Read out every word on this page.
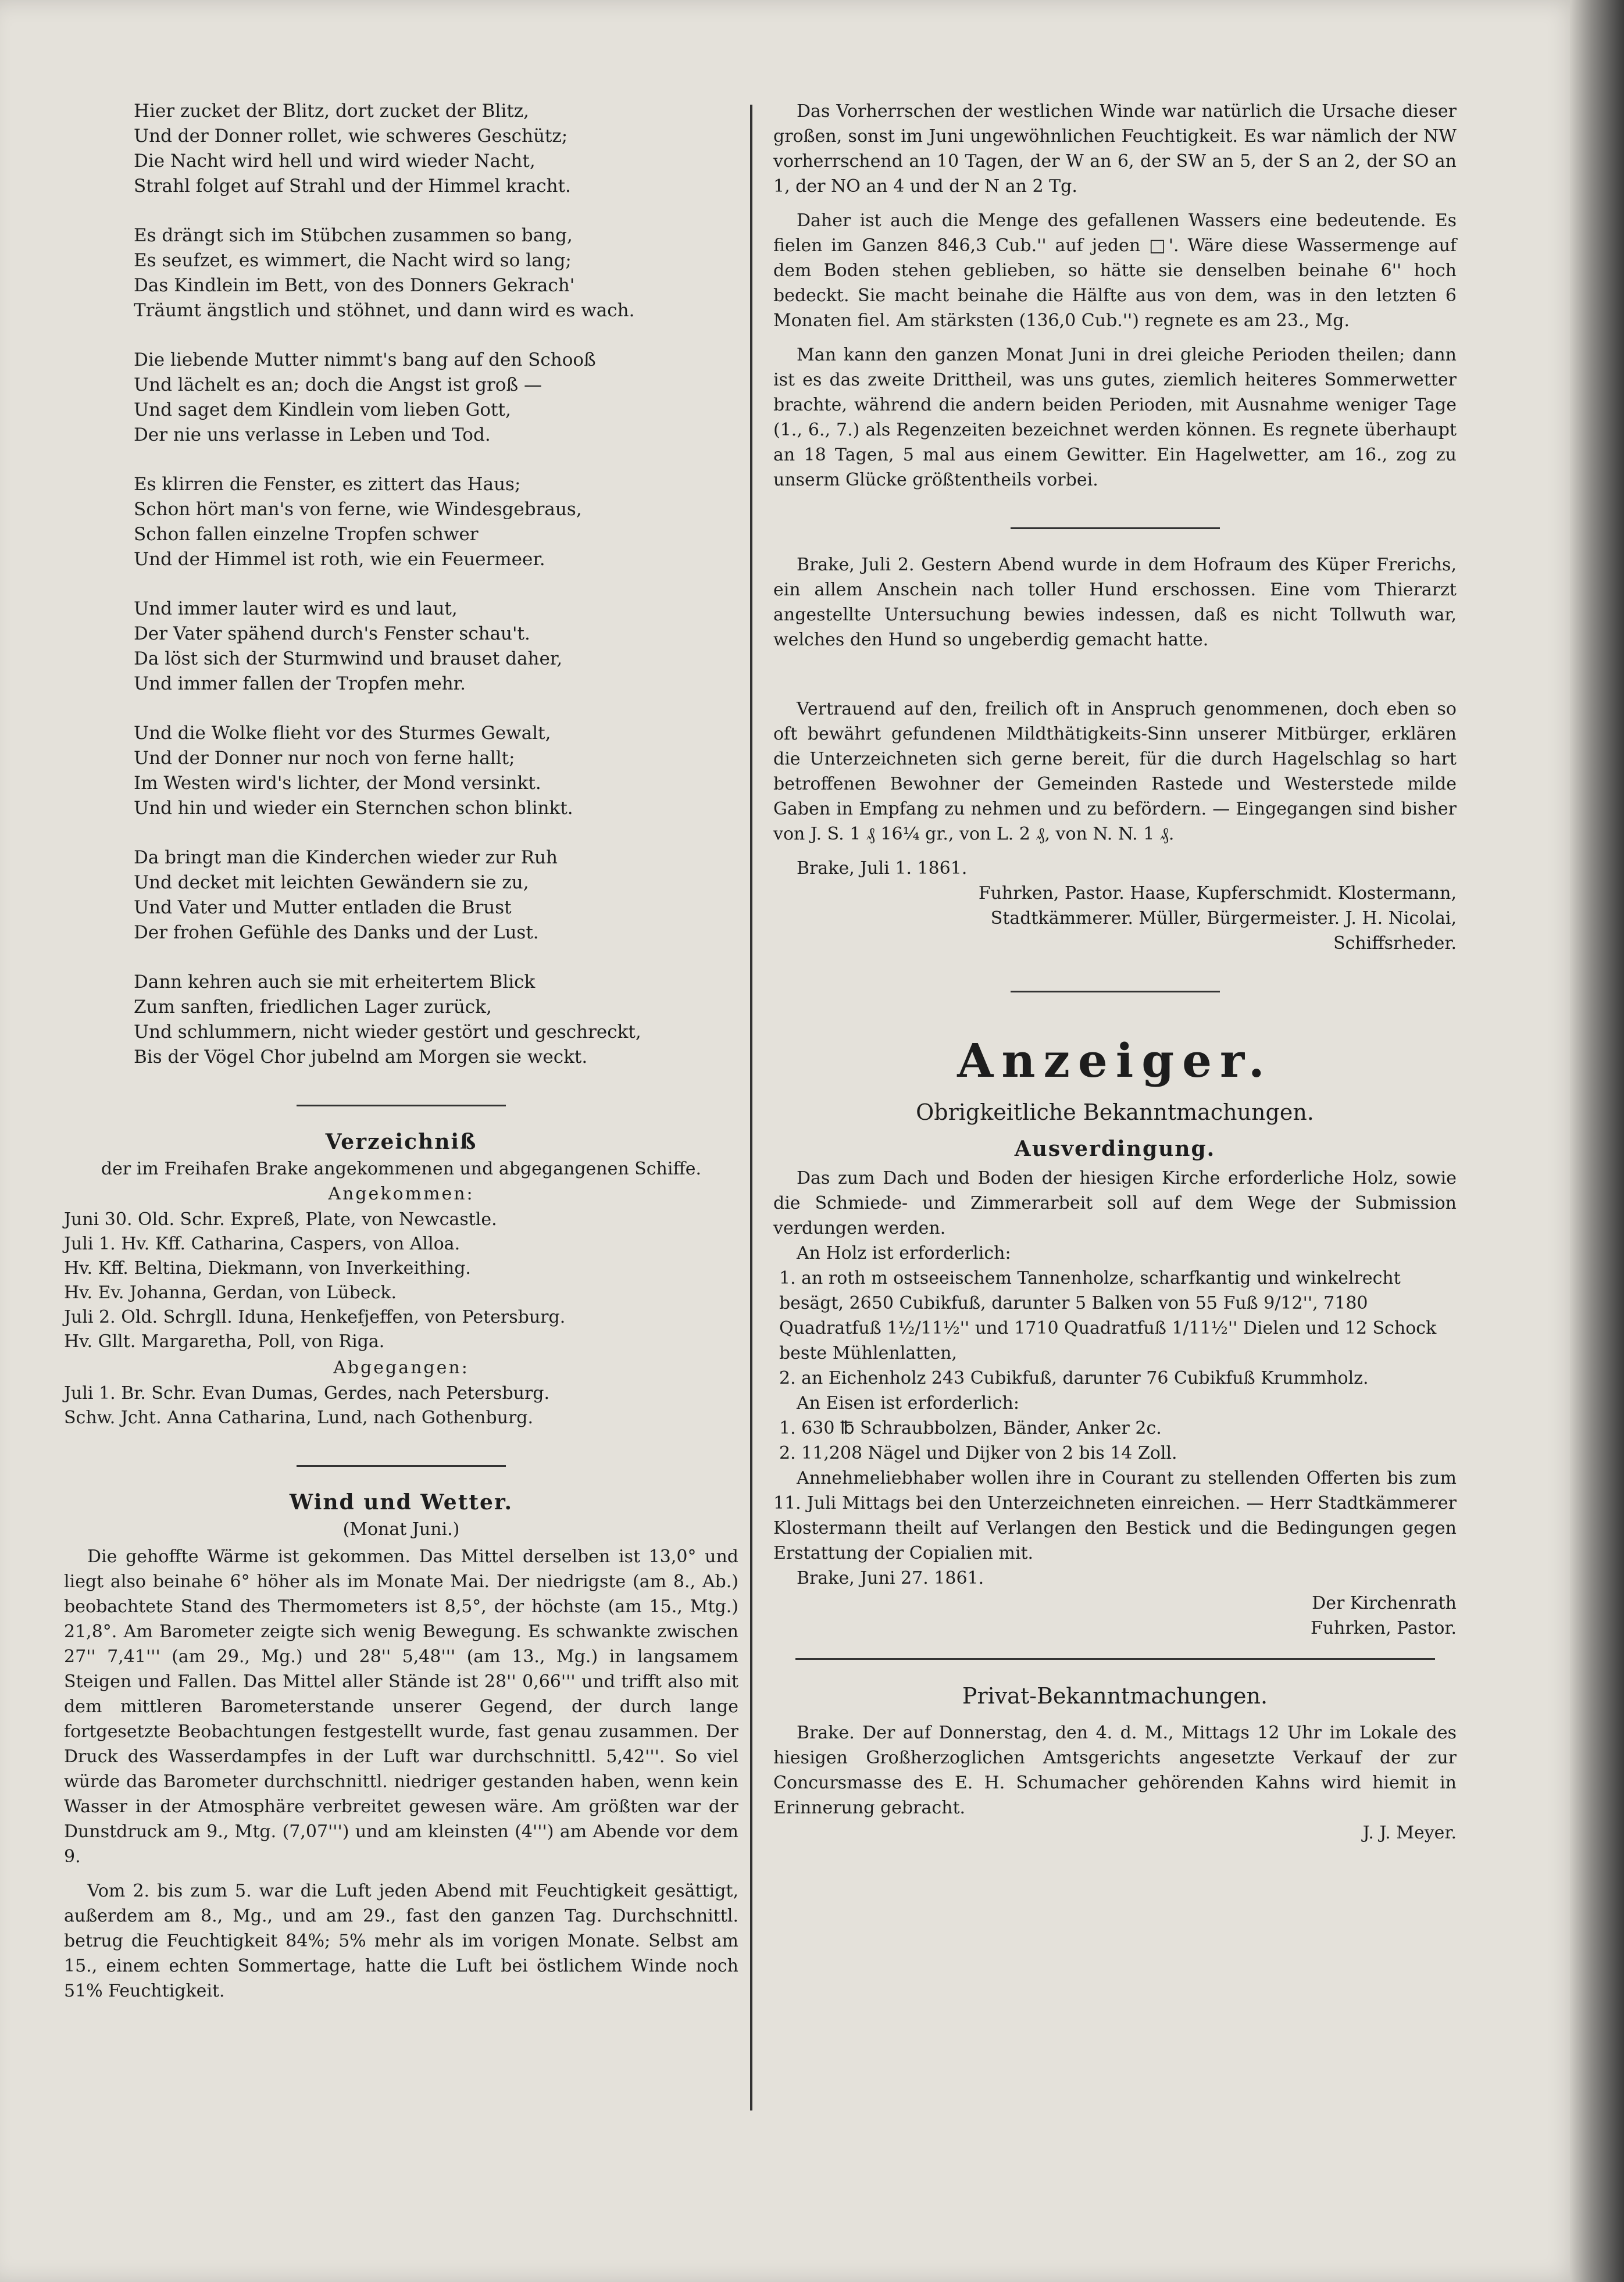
Hier zucket der Blitz, dort zucket der Blitz,
Und der Donner rollet, wie schweres Geschütz;
Die Nacht wird hell und wird wieder Nacht,
Strahl folget auf Strahl und der Himmel kracht.
Es drängt sich im Stübchen zusammen so bang,
Es seufzet, es wimmert, die Nacht wird so lang;
Das Kindlein im Bett, von des Donners Gekrach'
Träumt ängstlich und stöhnet, und dann wird es wach.
Die liebende Mutter nimmt's bang auf den Schooß
Und lächelt es an; doch die Angst ist groß —
Und saget dem Kindlein vom lieben Gott,
Der nie uns verlasse in Leben und Tod.
Es klirren die Fenster, es zittert das Haus;
Schon hört man's von ferne, wie Windesgebraus,
Schon fallen einzelne Tropfen schwer
Und der Himmel ist roth, wie ein Feuermeer.
Und immer lauter wird es und laut,
Der Vater spähend durch's Fenster schau't.
Da löst sich der Sturmwind und brauset daher,
Und immer fallen der Tropfen mehr.
Und die Wolke flieht vor des Sturmes Gewalt,
Und der Donner nur noch von ferne hallt;
Im Westen wird's lichter, der Mond versinkt.
Und hin und wieder ein Sternchen schon blinkt.
Da bringt man die Kinderchen wieder zur Ruh
Und decket mit leichten Gewändern sie zu,
Und Vater und Mutter entladen die Brust
Der frohen Gefühle des Danks und der Lust.
Dann kehren auch sie mit erheitertem Blick
Zum sanften, friedlichen Lager zurück,
Und schlummern, nicht wieder gestört und geschreckt,
Bis der Vögel Chor jubelnd am Morgen sie weckt.
Verzeichniß
der im Freihafen Brake angekommenen und abgegangenen Schiffe.
Angekommen:
Juni 30. Old. Schr. Expreß, Plate, von Newcastle.
Juli 1. Hv. Kff. Catharina, Caspers, von Alloa.
Hv. Kff. Beltina, Diekmann, von Inverkeithing.
Hv. Ev. Johanna, Gerdan, von Lübeck.
Juli 2. Old. Schrgll. Iduna, Henkefjeffen, von Petersburg.
Hv. Gllt. Margaretha, Poll, von Riga.
Abgegangen:
Juli 1. Br. Schr. Evan Dumas, Gerdes, nach Petersburg.
Schw. Jcht. Anna Catharina, Lund, nach Gothenburg.
Wind und Wetter.
(Monat Juni.)
Die gehoffte Wärme ist gekommen. Das Mittel derselben ist 13,0° und liegt also beinahe 6° höher als im Monate Mai. Der niedrigste (am 8., Ab.) beobachtete Stand des Thermometers ist 8,5°, der höchste (am 15., Mtg.) 21,8°. Am Barometer zeigte sich wenig Bewegung. Es schwankte zwischen 27'' 7,41''' (am 29., Mg.) und 28'' 5,48''' (am 13., Mg.) in langsamem Steigen und Fallen. Das Mittel aller Stände ist 28'' 0,66''' und trifft also mit dem mittleren Barometerstande unserer Gegend, der durch lange fortgesetzte Beobachtungen festgestellt wurde, fast genau zusammen. Der Druck des Wasserdampfes in der Luft war durchschnittl. 5,42'''. So viel würde das Barometer durchschnittl. niedriger gestanden haben, wenn kein Wasser in der Atmosphäre verbreitet gewesen wäre. Am größten war der Dunstdruck am 9., Mtg. (7,07''') und am kleinsten (4''') am Abende vor dem 9.
Vom 2. bis zum 5. war die Luft jeden Abend mit Feuchtigkeit gesättigt, außerdem am 8., Mg., und am 29., fast den ganzen Tag. Durchschnittl. betrug die Feuchtigkeit 84%; 5% mehr als im vorigen Monate. Selbst am 15., einem echten Sommertage, hatte die Luft bei östlichem Winde noch 51% Feuchtigkeit.
Das Vorherrschen der westlichen Winde war natürlich die Ursache dieser großen, sonst im Juni ungewöhnlichen Feuchtigkeit. Es war nämlich der NW vorherrschend an 10 Tagen, der W an 6, der SW an 5, der S an 2, der SO an 1, der NO an 4 und der N an 2 Tg.
Daher ist auch die Menge des gefallenen Wassers eine bedeutende. Es fielen im Ganzen 846,3 Cub.'' auf jeden □'. Wäre diese Wassermenge auf dem Boden stehen geblieben, so hätte sie denselben beinahe 6'' hoch bedeckt. Sie macht beinahe die Hälfte aus von dem, was in den letzten 6 Monaten fiel. Am stärksten (136,0 Cub.'') regnete es am 23., Mg.
Man kann den ganzen Monat Juni in drei gleiche Perioden theilen; dann ist es das zweite Drittheil, was uns gutes, ziemlich heiteres Sommerwetter brachte, während die andern beiden Perioden, mit Ausnahme weniger Tage (1., 6., 7.) als Regenzeiten bezeichnet werden können. Es regnete überhaupt an 18 Tagen, 5 mal aus einem Gewitter. Ein Hagelwetter, am 16., zog zu unserm Glücke größtentheils vorbei.
Brake, Juli 2. Gestern Abend wurde in dem Hofraum des Küper Frerichs, ein allem Anschein nach toller Hund erschossen. Eine vom Thierarzt angestellte Untersuchung bewies indessen, daß es nicht Tollwuth war, welches den Hund so ungeberdig gemacht hatte.
Vertrauend auf den, freilich oft in Anspruch genommenen, doch eben so oft bewährt gefundenen Mildthätigkeits-Sinn unserer Mitbürger, erklären die Unterzeichneten sich gerne bereit, für die durch Hagelschlag so hart betroffenen Bewohner der Gemeinden Rastede und Westerstede milde Gaben in Empfang zu nehmen und zu befördern. — Eingegangen sind bisher von J. S. 1 ₰ 16¼ gr., von L. 2 ₰, von N. N. 1 ₰.
Brake, Juli 1. 1861.
Fuhrken, Pastor. Haase, Kupferschmidt. Klostermann,
Stadtkämmerer. Müller, Bürgermeister. J. H. Nicolai,
Schiffsrheder.
Anzeiger.
Obrigkeitliche Bekanntmachungen.
Ausverdingung.
Das zum Dach und Boden der hiesigen Kirche erforderliche Holz, sowie die Schmiede- und Zimmerarbeit soll auf dem Wege der Submission verdungen werden.
An Holz ist erforderlich:
1. an roth m ostseeischem Tannenholze, scharfkantig und winkelrecht besägt, 2650 Cubikfuß, darunter 5 Balken von 55 Fuß 9/12'', 7180 Quadratfuß 1½/11½'' und 1710 Quadratfuß 1/11½'' Dielen und 12 Schock beste Mühlenlatten,
2. an Eichenholz 243 Cubikfuß, darunter 76 Cubikfuß Krummholz.
An Eisen ist erforderlich:
1. 630 ℔ Schraubbolzen, Bänder, Anker 2c.
2. 11,208 Nägel und Dijker von 2 bis 14 Zoll.
Annehmeliebhaber wollen ihre in Courant zu stellenden Offerten bis zum 11. Juli Mittags bei den Unterzeichneten einreichen. — Herr Stadtkämmerer Klostermann theilt auf Verlangen den Bestick und die Bedingungen gegen Erstattung der Copialien mit.
Brake, Juni 27. 1861.
Der Kirchenrath
Fuhrken, Pastor.
Privat-Bekanntmachungen.
Brake. Der auf Donnerstag, den 4. d. M., Mittags 12 Uhr im Lokale des hiesigen Großherzoglichen Amtsgerichts angesetzte Verkauf der zur Concursmasse des E. H. Schumacher gehörenden Kahns wird hiemit in Erinnerung gebracht.
J. J. Meyer.
